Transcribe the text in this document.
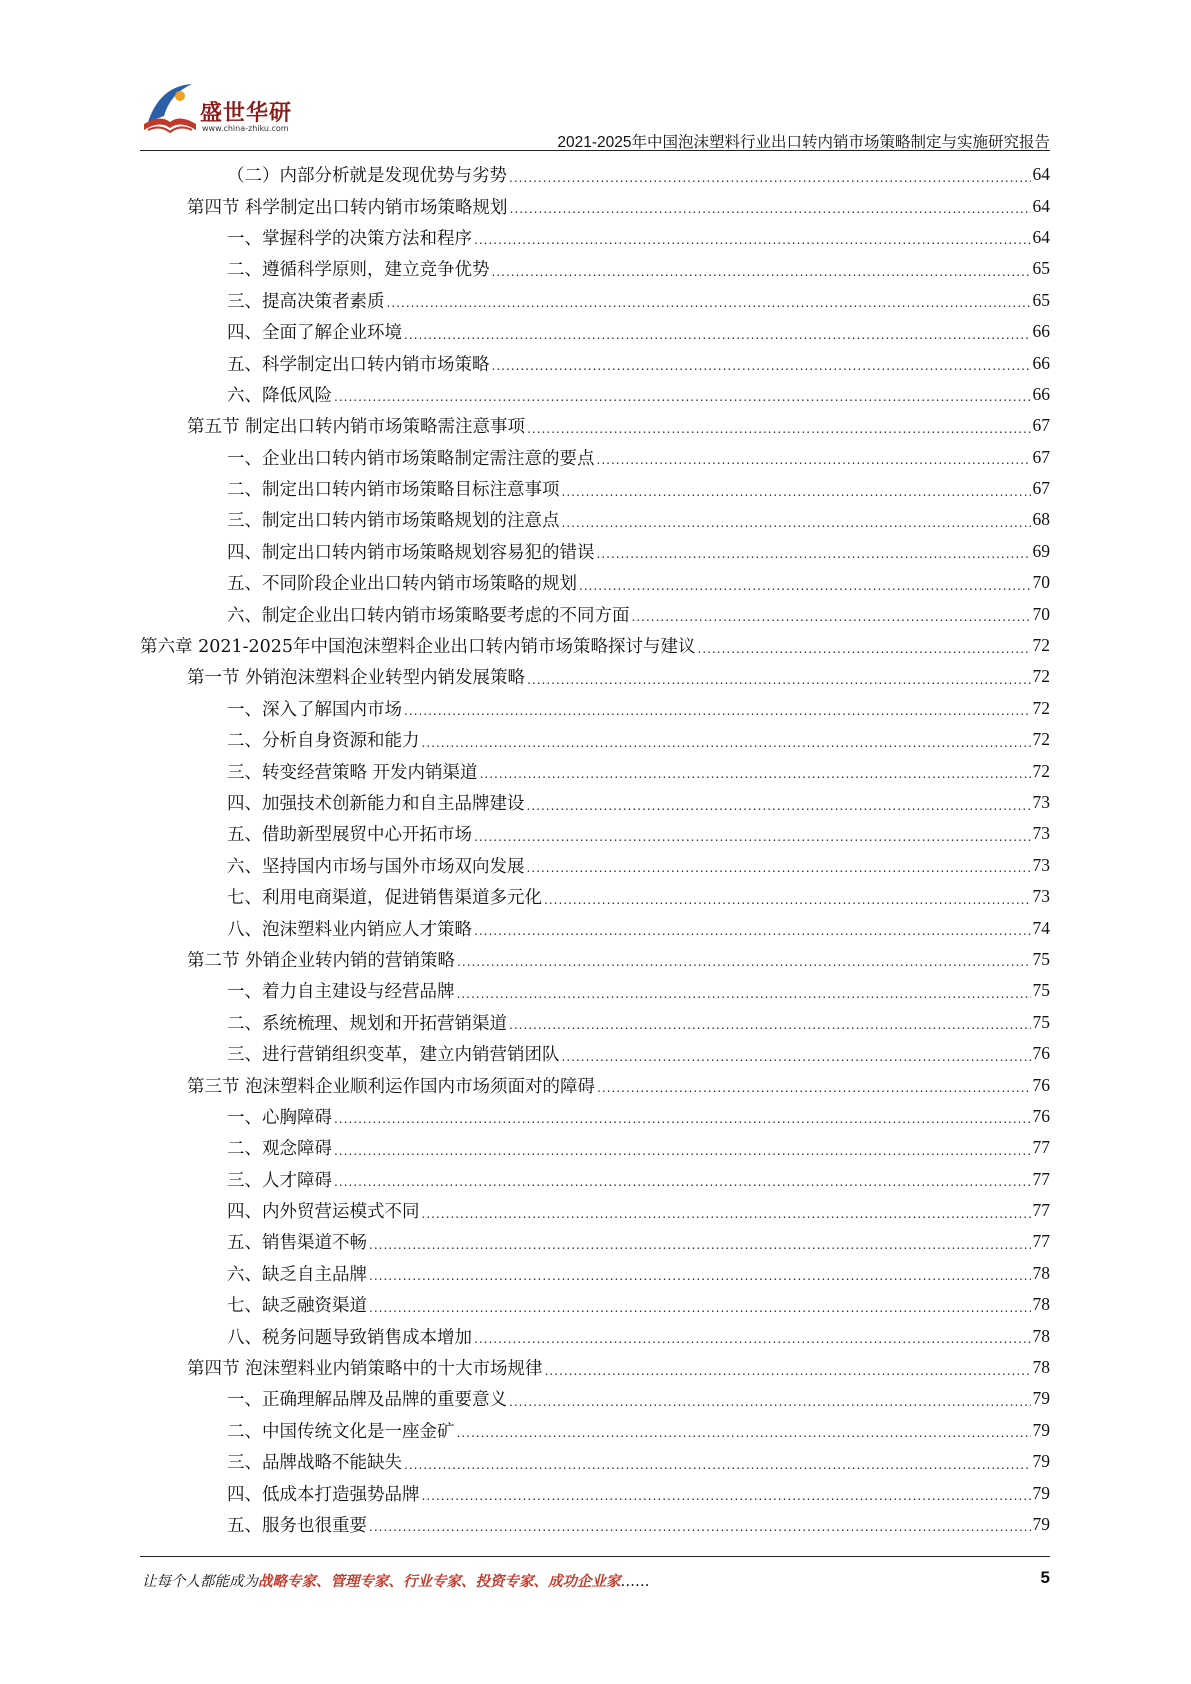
盛世华研
www.china-zhiku.com
2021-2025年中国泡沫塑料行业出口转内销市场策略制定与实施研究报告
（二）内部分析就是发现优势与劣势 .....	64
第四节 科学制定出口转内销市场策略规划 .....	64
一、掌握科学的决策方法和程序 .....	64
二、遵循科学原则，建立竞争优势 .....	65
三、提高决策者素质 .....	65
四、全面了解企业环境 .....	66
五、科学制定出口转内销市场策略 .....	66
六、降低风险 .....	66
第五节 制定出口转内销市场策略需注意事项 .....	67
一、企业出口转内销市场策略制定需注意的要点 .....	67
二、制定出口转内销市场策略目标注意事项 .....	67
三、制定出口转内销市场策略规划的注意点 .....	68
四、制定出口转内销市场策略规划容易犯的错误 .....	69
五、不同阶段企业出口转内销市场策略的规划 .....	70
六、制定企业出口转内销市场策略要考虑的不同方面 .....	70
第六章 2021-2025年中国泡沫塑料企业出口转内销市场策略探讨与建议 .....	72
第一节 外销泡沫塑料企业转型内销发展策略 .....	72
一、深入了解国内市场 .....	72
二、分析自身资源和能力 .....	72
三、转变经营策略 开发内销渠道 .....	72
四、加强技术创新能力和自主品牌建设 .....	73
五、借助新型展贸中心开拓市场 .....	73
六、坚持国内市场与国外市场双向发展 .....	73
七、利用电商渠道，促进销售渠道多元化 .....	73
八、泡沫塑料业内销应人才策略 .....	74
第二节 外销企业转内销的营销策略 .....	75
一、着力自主建设与经营品牌 .....	75
二、系统梳理、规划和开拓营销渠道 .....	75
三、进行营销组织变革，建立内销营销团队 .....	76
第三节 泡沫塑料企业顺利运作国内市场须面对的障碍 .....	76
一、心胸障碍 .....	76
二、观念障碍 .....	77
三、人才障碍 .....	77
四、内外贸营运模式不同 .....	77
五、销售渠道不畅 .....	77
六、缺乏自主品牌 .....	78
七、缺乏融资渠道 .....	78
八、税务问题导致销售成本增加 .....	78
第四节 泡沫塑料业内销策略中的十大市场规律 .....	78
一、正确理解品牌及品牌的重要意义 .....	79
二、中国传统文化是一座金矿 .....	79
三、品牌战略不能缺失 .....	79
四、低成本打造强势品牌 .....	79
五、服务也很重要 .....	79
让每个人都能成为战略专家、管理专家、行业专家、投资专家、成功企业家……	5
